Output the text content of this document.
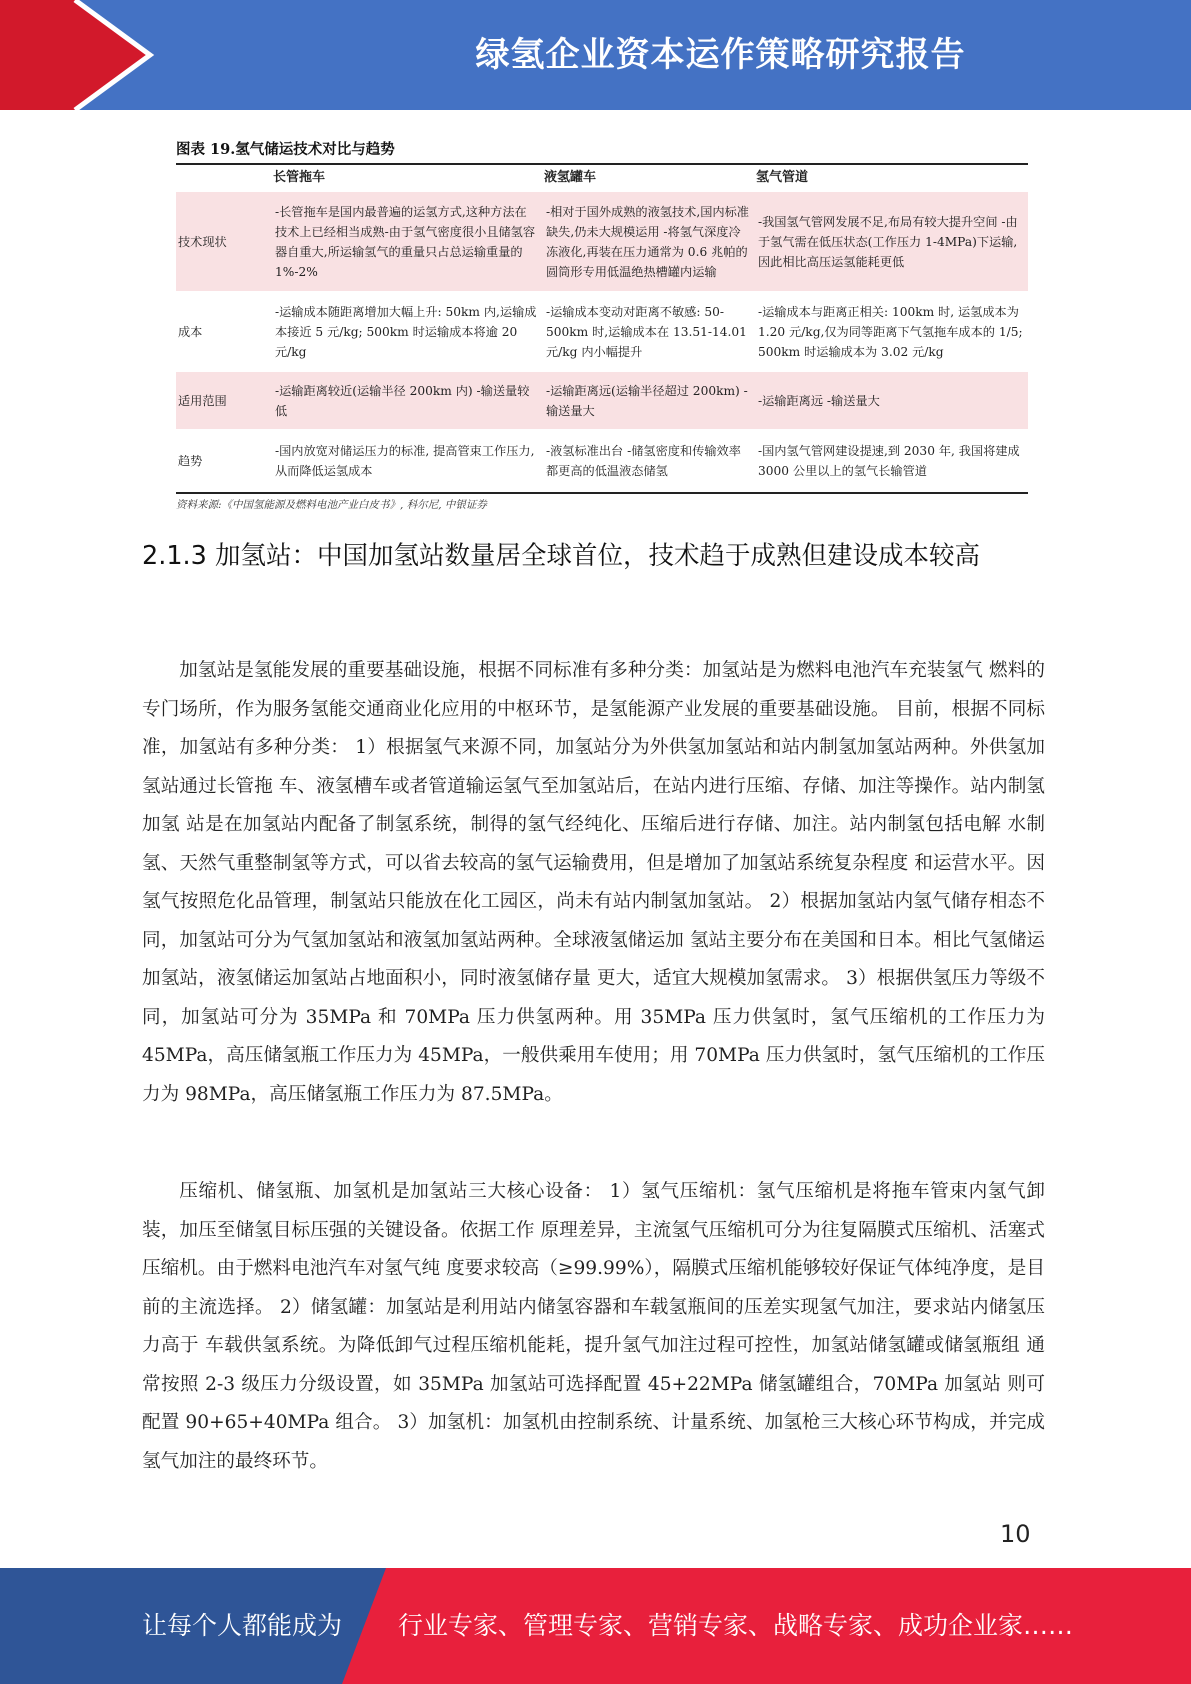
绿氢企业资本运作策略研究报告
图表 19.氢气储运技术对比与趋势
	长管拖车	液氢罐车	氢气管道
技术现状	-长管拖车是国内最普遍的运氢方式,这种方法在技术上已经相当成熟-由于氢气密度很小且储氢容器自重大,所运输氢气的重量只占总运输重量的 1%-2%	-相对于国外成熟的液氢技术,国内标准缺失,仍未大规模运用 -将氢气深度冷冻液化,再装在压力通常为 0.6 兆帕的圆筒形专用低温绝热槽罐内运输	-我国氢气管网发展不足,布局有较大提升空间 -由于氢气需在低压状态(工作压力 1-4MPa)下运输,因此相比高压运氢能耗更低
成本	-运输成本随距离增加大幅上升: 50km 内,运输成本接近 5 元/kg; 500km 时运输成本将逾 20 元/kg	-运输成本变动对距离不敏感: 50-500km 时,运输成本在 13.51-14.01 元/kg 内小幅提升	-运输成本与距离正相关: 100km 时, 运氢成本为 1.20 元/kg,仅为同等距离下气氢拖车成本的 1/5; 500km 时运输成本为 3.02 元/kg
适用范围	-运输距离较近(运输半径 200km 内) -输送量较低	-运输距离远(运输半径超过 200km) -输送量大	-运输距离远 -输送量大
趋势	-国内放宽对储运压力的标准, 提高管束工作压力,从而降低运氢成本	-液氢标准出台 -储氢密度和传输效率都更高的低温液态储氢	-国内氢气管网建设提速,到 2030 年, 我国将建成 3000 公里以上的氢气长输管道
资料来源:《中国氢能源及燃料电池产业白皮书》, 科尔尼, 中银证券
2.1.3 加氢站：中国加氢站数量居全球首位，技术趋于成熟但建设成本较高
加氢站是氢能发展的重要基础设施，根据不同标准有多种分类：加氢站是为燃料电池汽车充装氢气 燃料的专门场所，作为服务氢能交通商业化应用的中枢环节，是氢能源产业发展的重要基础设施。 目前，根据不同标准，加氢站有多种分类： 1）根据氢气来源不同，加氢站分为外供氢加氢站和站内制氢加氢站两种。外供氢加氢站通过长管拖 车、液氢槽车或者管道输运氢气至加氢站后，在站内进行压缩、存储、加注等操作。站内制氢加氢 站是在加氢站内配备了制氢系统，制得的氢气经纯化、压缩后进行存储、加注。站内制氢包括电解 水制氢、天然气重整制氢等方式，可以省去较高的氢气运输费用，但是增加了加氢站系统复杂程度 和运营水平。因氢气按照危化品管理，制氢站只能放在化工园区，尚未有站内制氢加氢站。 2）根据加氢站内氢气储存相态不同，加氢站可分为气氢加氢站和液氢加氢站两种。全球液氢储运加 氢站主要分布在美国和日本。相比气氢储运加氢站，液氢储运加氢站占地面积小，同时液氢储存量 更大，适宜大规模加氢需求。 3）根据供氢压力等级不同，加氢站可分为 35MPa 和 70MPa 压力供氢两种。用 35MPa 压力供氢时，氢气压缩机的工作压力为 45MPa，高压储氢瓶工作压力为 45MPa，一般供乘用车使用；用 70MPa 压力供氢时，氢气压缩机的工作压力为 98MPa，高压储氢瓶工作压力为 87.5MPa。
压缩机、储氢瓶、加氢机是加氢站三大核心设备： 1）氢气压缩机：氢气压缩机是将拖车管束内氢气卸装，加压至储氢目标压强的关键设备。依据工作 原理差异，主流氢气压缩机可分为往复隔膜式压缩机、活塞式压缩机。由于燃料电池汽车对氢气纯 度要求较高（≥99.99%），隔膜式压缩机能够较好保证气体纯净度，是目前的主流选择。 2）储氢罐：加氢站是利用站内储氢容器和车载氢瓶间的压差实现氢气加注，要求站内储氢压力高于 车载供氢系统。为降低卸气过程压缩机能耗，提升氢气加注过程可控性，加氢站储氢罐或储氢瓶组 通常按照 2-3 级压力分级设置，如 35MPa 加氢站可选择配置 45+22MPa 储氢罐组合，70MPa 加氢站 则可配置 90+65+40MPa 组合。 3）加氢机：加氢机由控制系统、计量系统、加氢枪三大核心环节构成，并完成氢气加注的最终环节。
10
让每个人都能成为 行业专家、管理专家、营销专家、战略专家、成功企业家……
